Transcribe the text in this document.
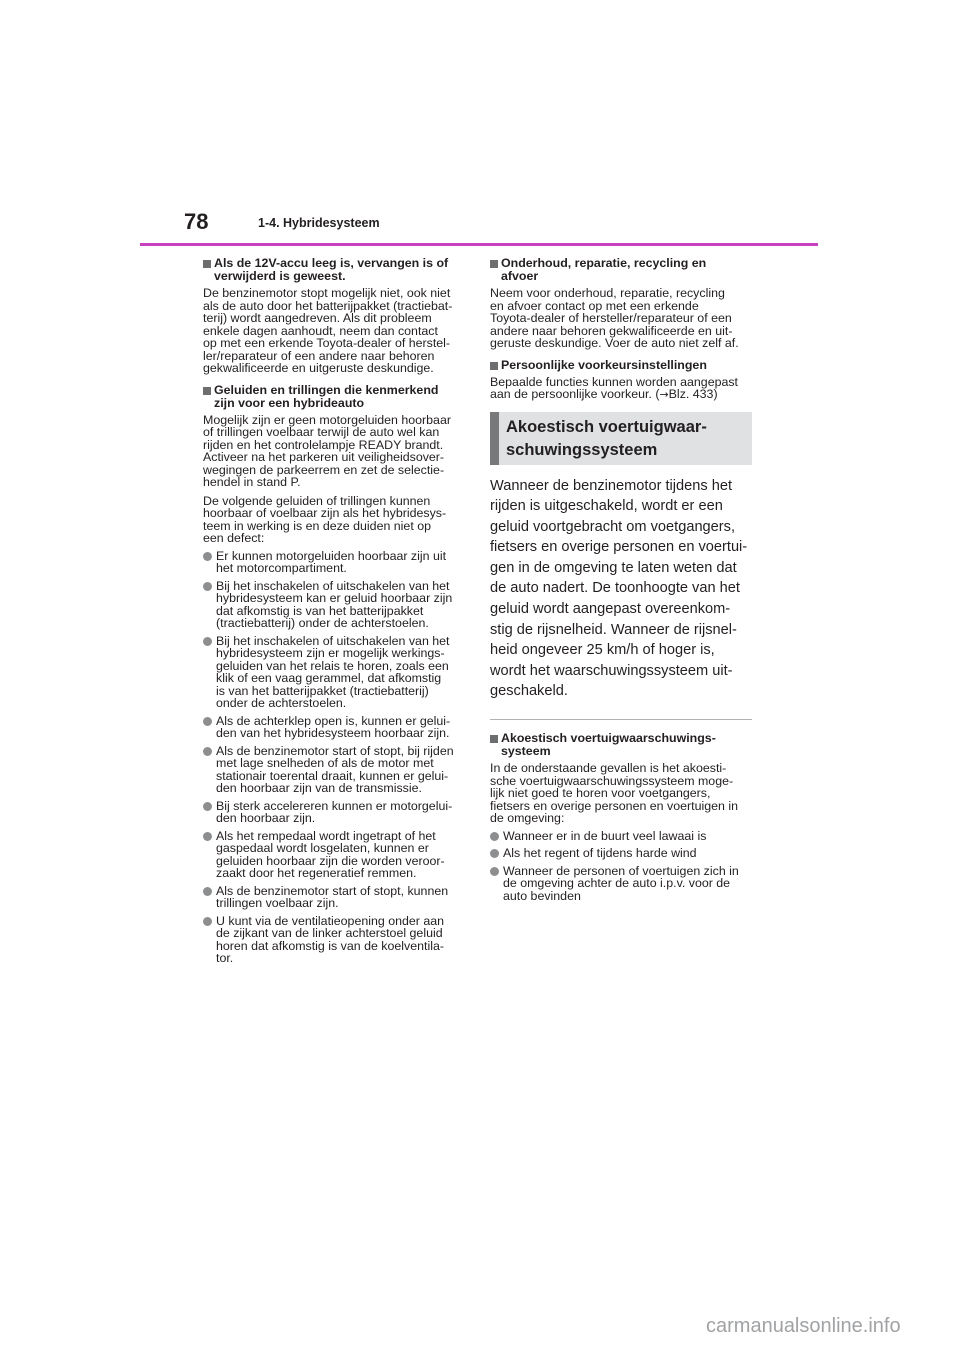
78	1-4. Hybridesysteem
Als de 12V-accu leeg is, vervangen is of
verwijderd is geweest.
De benzinemotor stopt mogelijk niet, ook niet
als de auto door het batterijpakket (tractiebat-
terij) wordt aangedreven. Als dit probleem
enkele dagen aanhoudt, neem dan contact
op met een erkende Toyota-dealer of herstel-
ler/reparateur of een andere naar behoren
gekwalificeerde en uitgeruste deskundige.
Geluiden en trillingen die kenmerkend
zijn voor een hybrideauto
Mogelijk zijn er geen motorgeluiden hoorbaar
of trillingen voelbaar terwijl de auto wel kan
rijden en het controlelampje READY brandt.
Activeer na het parkeren uit veiligheidsover-
wegingen de parkeerrem en zet de selectie-
hendel in stand P.
De volgende geluiden of trillingen kunnen
hoorbaar of voelbaar zijn als het hybridesys-
teem in werking is en deze duiden niet op
een defect:
Er kunnen motorgeluiden hoorbaar zijn uit
het motorcompartiment.
Bij het inschakelen of uitschakelen van het
hybridesysteem kan er geluid hoorbaar zijn
dat afkomstig is van het batterijpakket
(tractiebatterij) onder de achterstoelen.
Bij het inschakelen of uitschakelen van het
hybridesysteem zijn er mogelijk werkings-
geluiden van het relais te horen, zoals een
klik of een vaag gerammel, dat afkomstig
is van het batterijpakket (tractiebatterij)
onder de achterstoelen.
Als de achterklep open is, kunnen er gelui-
den van het hybridesysteem hoorbaar zijn.
Als de benzinemotor start of stopt, bij rijden
met lage snelheden of als de motor met
stationair toerental draait, kunnen er gelui-
den hoorbaar zijn van de transmissie.
Bij sterk accelereren kunnen er motorgelui-
den hoorbaar zijn.
Als het rempedaal wordt ingetrapt of het
gaspedaal wordt losgelaten, kunnen er
geluiden hoorbaar zijn die worden veroor-
zaakt door het regeneratief remmen.
Als de benzinemotor start of stopt, kunnen
trillingen voelbaar zijn.
U kunt via de ventilatieopening onder aan
de zijkant van de linker achterstoel geluid
horen dat afkomstig is van de koelventila-
tor.
Onderhoud, reparatie, recycling en
afvoer
Neem voor onderhoud, reparatie, recycling
en afvoer contact op met een erkende
Toyota-dealer of hersteller/reparateur of een
andere naar behoren gekwalificeerde en uit-
geruste deskundige. Voer de auto niet zelf af.
Persoonlijke voorkeursinstellingen
Bepaalde functies kunnen worden aangepast
aan de persoonlijke voorkeur. (→Blz. 433)
Akoestisch voertuigwaar-
schuwingssysteem
Wanneer de benzinemotor tijdens het
rijden is uitgeschakeld, wordt er een
geluid voortgebracht om voetgangers,
fietsers en overige personen en voertui-
gen in de omgeving te laten weten dat
de auto nadert. De toonhoogte van het
geluid wordt aangepast overeenkom-
stig de rijsnelheid. Wanneer de rijsnel-
heid ongeveer 25 km/h of hoger is,
wordt het waarschuwingssysteem uit-
geschakeld.
Akoestisch voertuigwaarschuwings-
systeem
In de onderstaande gevallen is het akoesti-
sche voertuigwaarschuwingssysteem moge-
lijk niet goed te horen voor voetgangers,
fietsers en overige personen en voertuigen in
de omgeving:
Wanneer er in de buurt veel lawaai is
Als het regent of tijdens harde wind
Wanneer de personen of voertuigen zich in
de omgeving achter de auto i.p.v. voor de
auto bevinden
carmanualsonline.info
